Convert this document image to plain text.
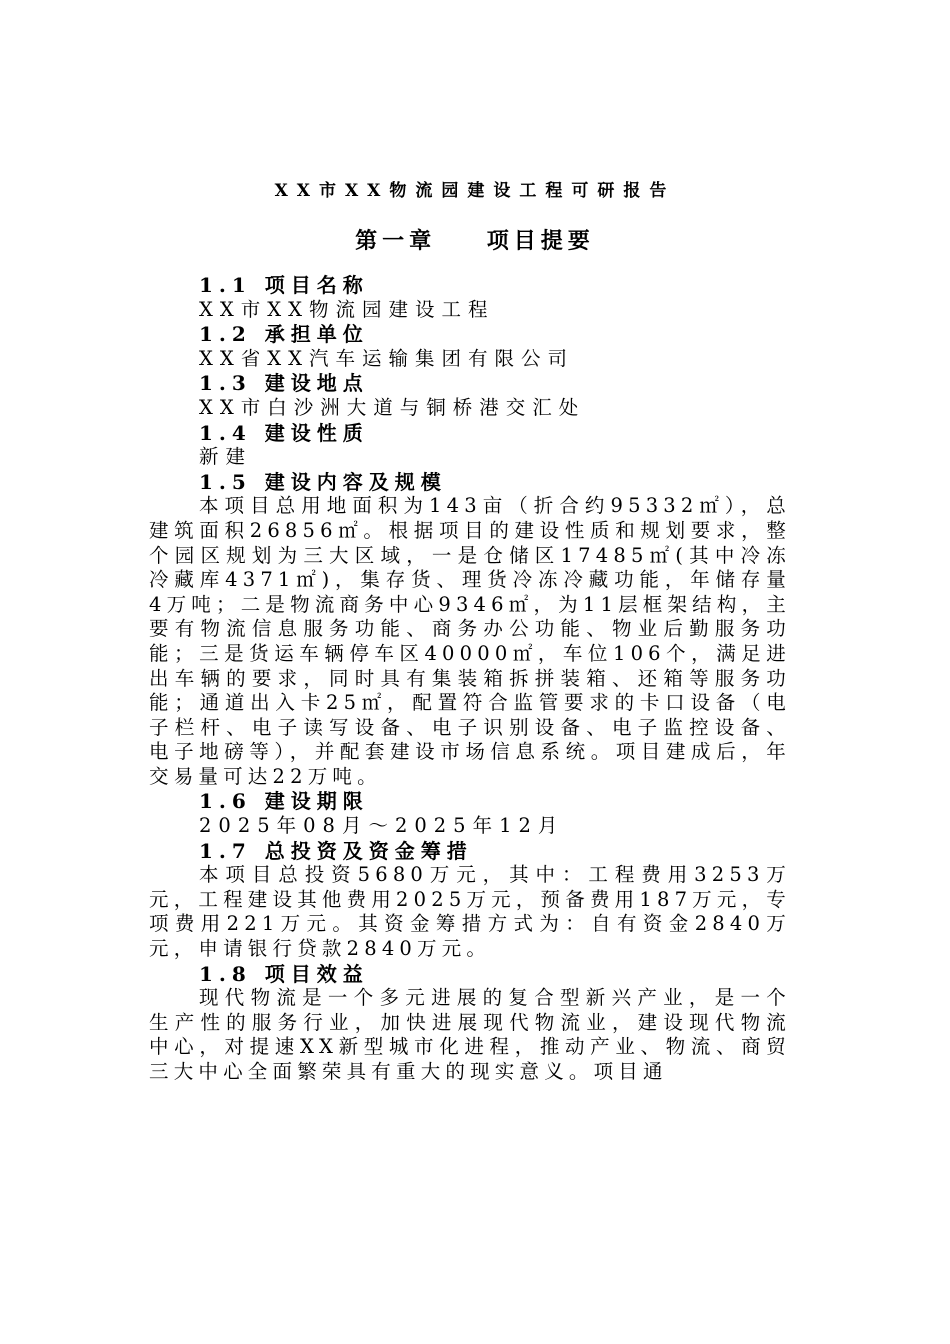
XX市XX物流园建设工程可研报告
第一章    项目提要

1.1 项目名称

XX市XX物流园建设工程

1.2 承担单位

XX省XX汽车运输集团有限公司

1.3 建设地点

XX市白沙洲大道与铜桥港交汇处

1.4 建设性质

新建

1.5 建设内容及规模

本项目总用地面积为143亩（折合约95332㎡），总建筑面积26856㎡。根据项目的建设性质和规划要求，整个园区规划为三大区域，一是仓储区17485㎡(其中冷冻冷藏库4371㎡)，集存货、理货冷冻冷藏功能，年储存量4万吨；二是物流商务中心9346㎡，为11层框架结构，主要有物流信息服务功能、商务办公功能、物业后勤服务功能；三是货运车辆停车区40000㎡，车位106个，满足进出车辆的要求，同时具有集装箱拆拼装箱、还箱等服务功能；通道出入卡25㎡，配置符合监管要求的卡口设备（电子栏杆、电子读写设备、电子识别设备、电子监控设备、电子地磅等），并配套建设市场信息系统。项目建成后，年交易量可达22万吨。

1.6 建设期限

2025年08月～2025年12月

1.7 总投资及资金筹措

本项目总投资5680万元，其中：工程费用3253万元，工程建设其他费用2025万元，预备费用187万元，专项费用221万元。其资金筹措方式为：自有资金2840万元，申请银行贷款2840万元。

1.8 项目效益

现代物流是一个多元进展的复合型新兴产业，是一个生产性的服务行业，加快进展现代物流业，建设现代物流中心，对提速XX新型城市化进程，推动产业、物流、商贸三大中心全面繁荣具有重大的现实意义。项目通
